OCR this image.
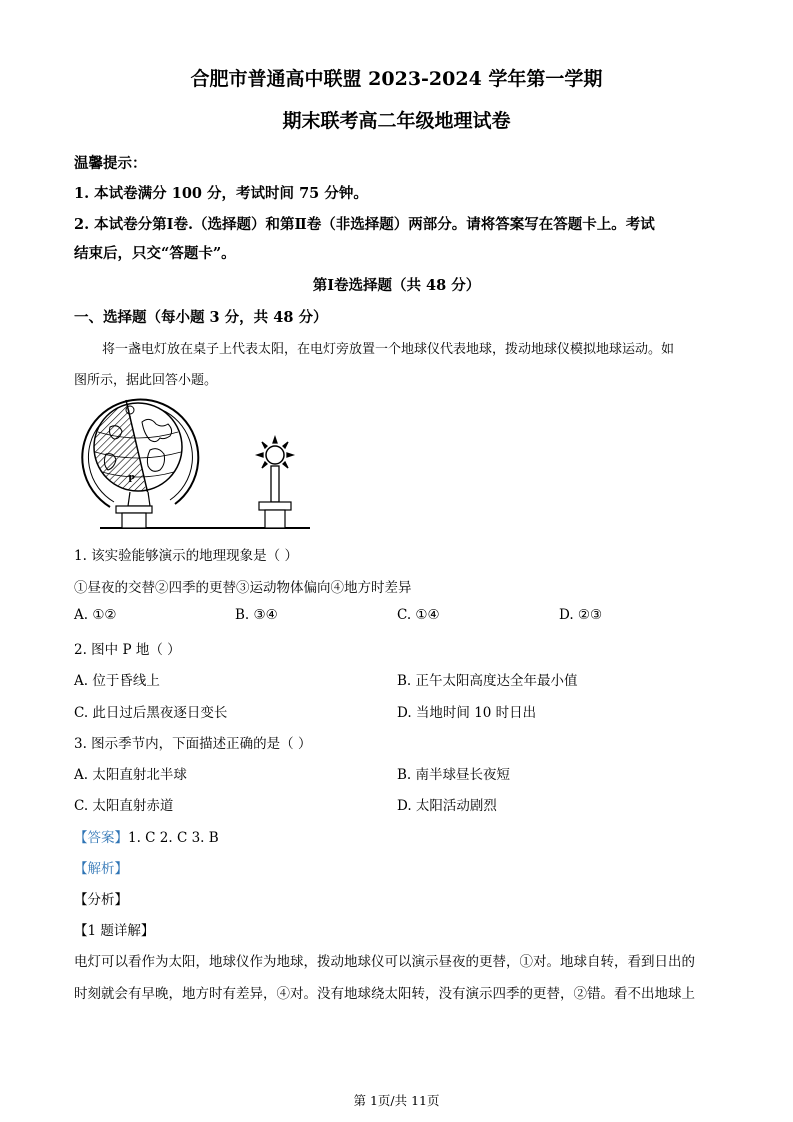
合肥市普通高中联盟 2023-2024 学年第一学期
期末联考高二年级地理试卷
温馨提示：
1. 本试卷满分 100 分，考试时间 75 分钟。
2. 本试卷分第Ⅰ卷.（选择题）和第Ⅱ卷（非选择题）两部分。请将答案写在答题卡上。考试
结束后，只交“答题卡”。
第Ⅰ卷选择题（共 48 分）
一、选择题（每小题 3 分，共 48 分）
将一盏电灯放在桌子上代表太阳，在电灯旁放置一个地球仪代表地球，拨动地球仪模拟地球运动。如
图所示，据此回答小题。
P
1. 该实验能够演示的地理现象是（ ）
①昼夜的交替②四季的更替③运动物体偏向④地方时差异
A. ①②	B. ③④	C. ①④	D. ②③
2. 图中 P 地（ ）
A. 位于昏线上	B. 正午太阳高度达全年最小值
C. 此日过后黑夜逐日变长	D. 当地时间 10 时日出
3. 图示季节内，下面描述正确的是（ ）
A. 太阳直射北半球	B. 南半球昼长夜短
C. 太阳直射赤道	D. 太阳活动剧烈
【答案】1. C 2. C 3. B
【解析】
【分析】
【1 题详解】
电灯可以看作为太阳，地球仪作为地球，拨动地球仪可以演示昼夜的更替，①对。地球自转，看到日出的
时刻就会有早晚，地方时有差异，④对。没有地球绕太阳转，没有演示四季的更替，②错。看不出地球上
第 1页/共 11页
